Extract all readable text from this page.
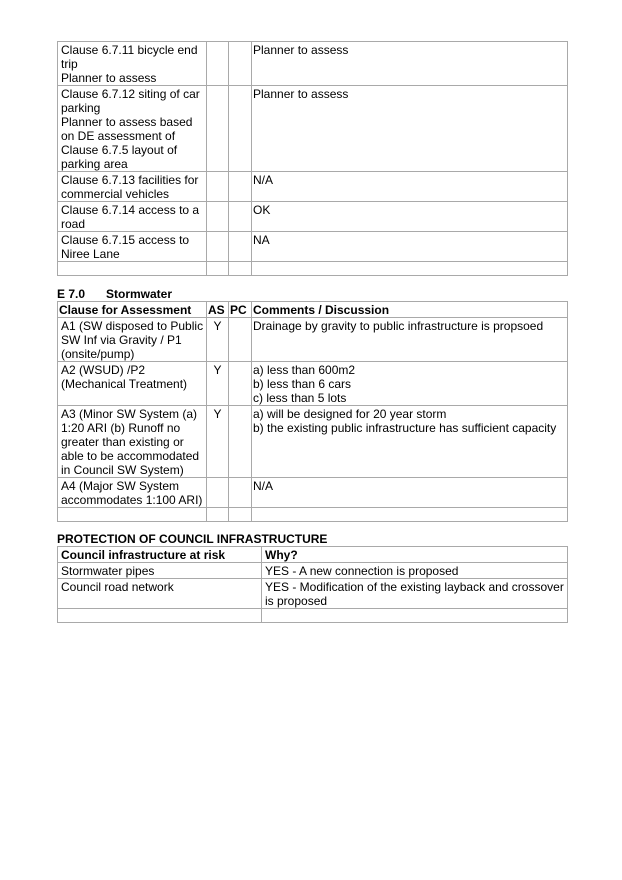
Clause 6.7.11 bicycle end trip
Planner to assess			Planner to assess
Clause 6.7.12 siting of car parking
Planner to assess based on DE assessment of Clause 6.7.5 layout of parking area			Planner to assess
Clause 6.7.13 facilities for commercial vehicles			N/A
Clause 6.7.14 access to a road			OK
Clause 6.7.15 access to Niree Lane			NA

E 7.0 Stormwater
Clause for Assessment	AS	PC	Comments / Discussion
A1 (SW disposed to Public SW Inf via Gravity / P1 (onsite/pump)	Y		Drainage by gravity to public infrastructure is propsoed
A2 (WSUD) /P2 (Mechanical Treatment)	Y		a) less than 600m2
b) less than 6 cars
c) less than 5 lots
A3 (Minor SW System (a) 1:20 ARI (b) Runoff no greater than existing or able to be accommodated in Council SW System)	Y		a) will be designed for 20 year storm
b) the existing public infrastructure has sufficient capacity
A4 (Major SW System accommodates 1:100 ARI)			N/A

PROTECTION OF COUNCIL INFRASTRUCTURE
Council infrastructure at risk	Why?
Stormwater pipes	YES - A new connection is proposed
Council road network	YES - Modification of the existing layback and crossover is proposed
